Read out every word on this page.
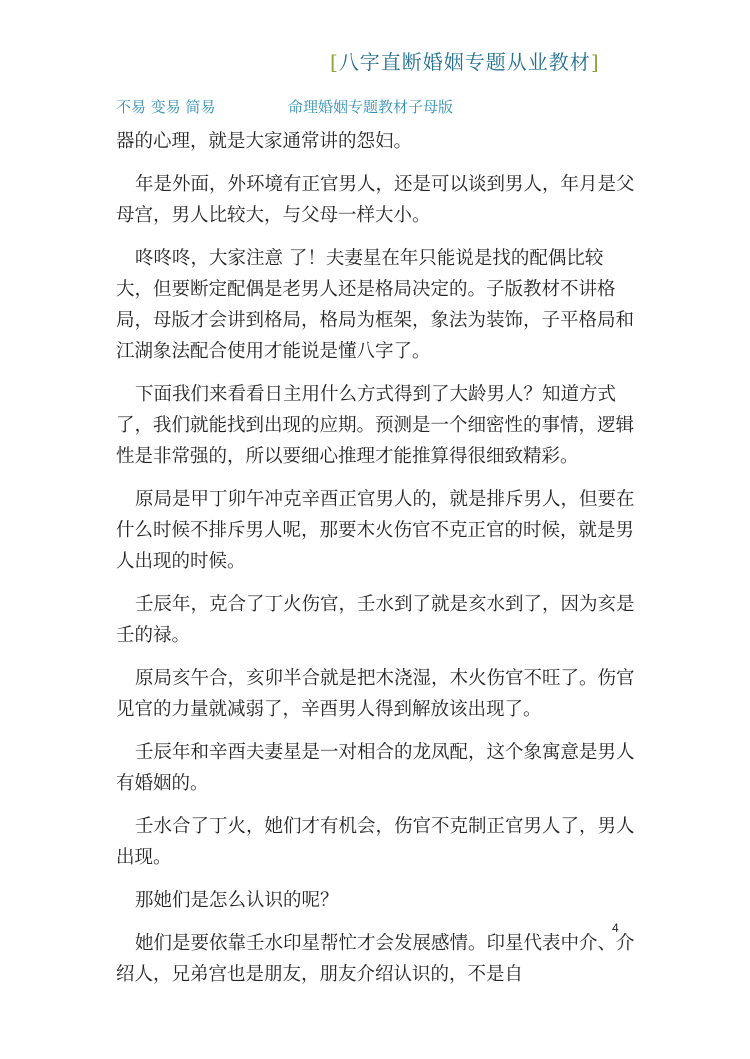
[八字直断婚姻专题从业教材]
不易 变易 简易	命理婚姻专题教材子母版

器的心理，就是大家通常讲的怨妇。

年是外面，外环境有正官男人，还是可以谈到男人，年月是父母宫，男人比较大，与父母一样大小。

咚咚咚，大家注意 了！夫妻星在年只能说是找的配偶比较大，但要断定配偶是老男人还是格局决定的。子版教材不讲格局，母版才会讲到格局，格局为框架，象法为装饰，子平格局和江湖象法配合使用才能说是懂八字了。

下面我们来看看日主用什么方式得到了大龄男人？知道方式了，我们就能找到出现的应期。预测是一个细密性的事情，逻辑性是非常强的，所以要细心推理才能推算得很细致精彩。

原局是甲丁卯午冲克辛酉正官男人的，就是排斥男人，但要在什么时候不排斥男人呢，那要木火伤官不克正官的时候，就是男人出现的时候。

壬辰年，克合了丁火伤官，壬水到了就是亥水到了，因为亥是壬的禄。

原局亥午合，亥卯半合就是把木浇湿，木火伤官不旺了。伤官见官的力量就减弱了，辛酉男人得到解放该出现了。

壬辰年和辛酉夫妻星是一对相合的龙凤配，这个象寓意是男人有婚姻的。

壬水合了丁火，她们才有机会，伤官不克制正官男人了，男人出现。

那她们是怎么认识的呢？

她们是要依靠壬水印星帮忙才会发展感情。印星代表中介、介绍人，兄弟宫也是朋友，朋友介绍认识的，不是自

4
